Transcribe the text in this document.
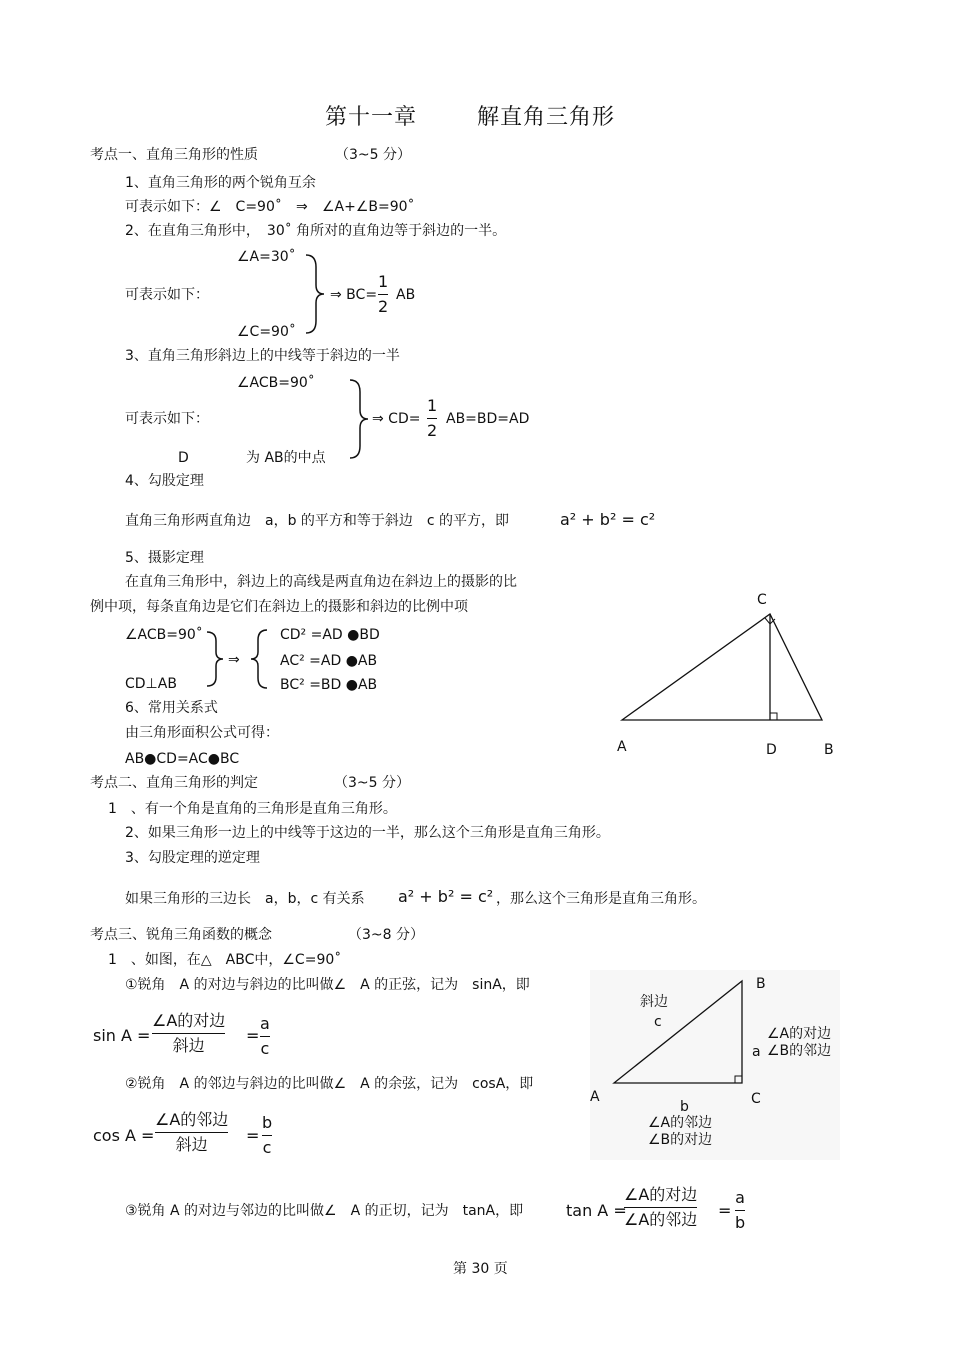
第十一章	解直角三角形
考点一、直角三角形的性质	（3~5 分）
1、直角三角形的两个锐角互余
可表示如下：∠　C=90˚ ⇒ ∠A+∠B=90˚
2、在直角三角形中，　30˚ 角所对的直角边等于斜边的一半。
∠A=30˚
可表示如下：
∠C=90˚
⇒ BC=
1
2
AB
3、直角三角形斜边上的中线等于斜边的一半
∠ACB=90˚
可表示如下：
D	为 AB的中点
⇒ CD=
1
2
AB=BD=AD
4、勾股定理
直角三角形两直角边　a，b 的平方和等于斜边　c 的平方，即	a² + b² = c²
5、摄影定理
在直角三角形中，斜边上的高线是两直角边在斜边上的摄影的比
例中项，每条直角边是它们在斜边上的摄影和斜边的比例中项
∠ACB=90˚
CD⊥AB
⇒
CD² =AD ●BD
AC² =AD ●AB
BC² =BD ●AB
6、常用关系式
由三角形面积公式可得：
AB●CD=AC●BC
C
A	D	B
考点二、直角三角形的判定	（3~5 分）
1　、有一个角是直角的三角形是直角三角形。
2、如果三角形一边上的中线等于这边的一半，那么这个三角形是直角三角形。
3、勾股定理的逆定理
如果三角形的三边长　a，b，c 有关系 a² + b² = c² ，那么这个三角形是直角三角形。
考点三、锐角三角函数的概念	（3~8 分）
1　、如图，在△　ABC中，∠C=90˚
①锐角　A 的对边与斜边的比叫做∠　A 的正弦，记为　sinA，即
sin A =
∠A的对边
斜边
=
a
c
②锐角　A 的邻边与斜边的比叫做∠　A 的余弦，记为　cosA，即
cos A =
∠A的邻边
斜边 =
b
c
③锐角 A 的对边与邻边的比叫做∠　A 的正切，记为　tanA，即	tan A =
∠A的对边
∠A的邻边 =
a
b
B
A	C
斜边
c
a
b
∠A的对边
∠B的邻边
∠A的邻边
∠B的对边
第 30 页
